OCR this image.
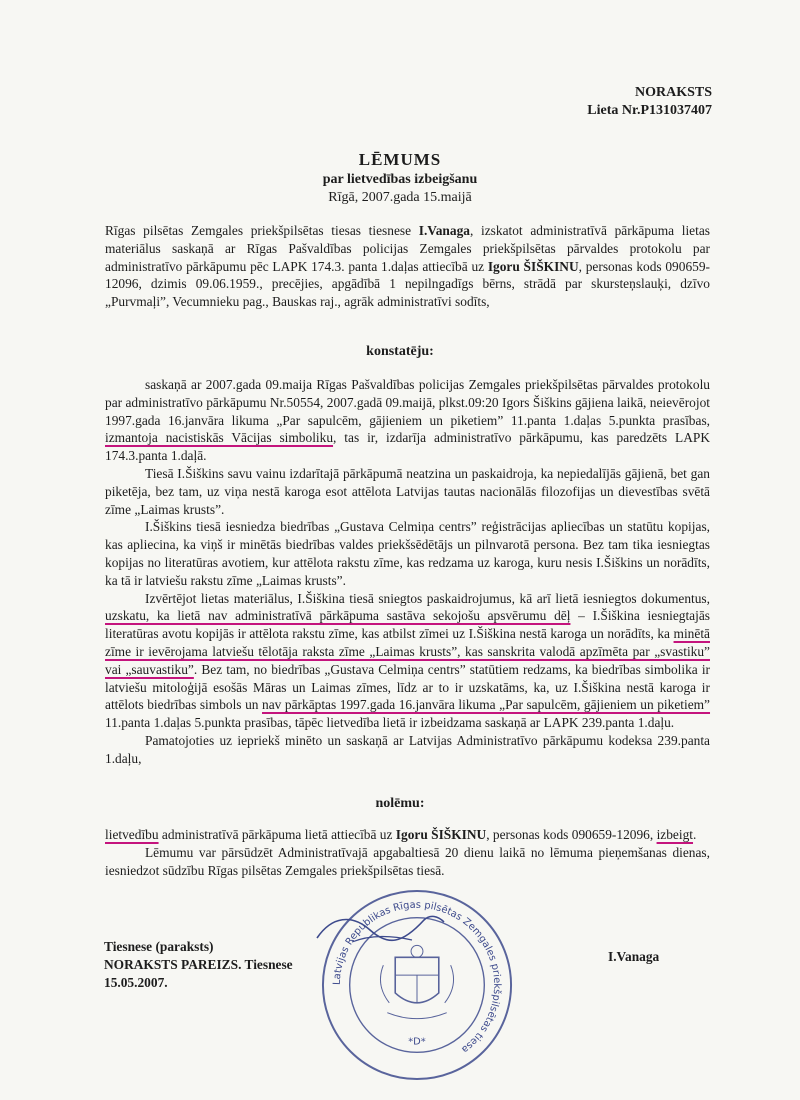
NORAKSTS
Lieta Nr.P131037407
LĒMUMS
par lietvedības izbeigšanu
Rīgā, 2007.gada 15.maijā

Rīgas pilsētas Zemgales priekšpilsētas tiesas tiesnese I.Vanaga, izskatot administratīvā pārkāpuma lietas materiālus saskaņā ar Rīgas Pašvaldības policijas Zemgales priekšpilsētas pārvaldes protokolu par administratīvo pārkāpumu pēc LAPK 174.3. panta 1.daļas attiecībā uz Igoru ŠIŠKINU, personas kods 090659-12096, dzimis 09.06.1959., precējies, apgādībā 1 nepilngadīgs bērns, strādā par skursteņslauķi, dzīvo „Purvmaļi”, Vecumnieku pag., Bauskas raj., agrāk administratīvi sodīts,

konstatēju:

saskaņā ar 2007.gada 09.maija Rīgas Pašvaldības policijas Zemgales priekšpilsētas pārvaldes protokolu par administratīvo pārkāpumu Nr.50554, 2007.gadā 09.maijā, plkst.09:20 Igors Šiškins gājiena laikā, neievērojot 1997.gada 16.janvāra likuma „Par sapulcēm, gājieniem un piketiem” 11.panta 1.daļas 5.punkta prasības, izmantoja nacistiskās Vācijas simboliku, tas ir, izdarīja administratīvo pārkāpumu, kas paredzēts LAPK 174.3.panta 1.daļā.

Tiesā I.Šiškins savu vainu izdarītajā pārkāpumā neatzina un paskaidroja, ka nepiedalījās gājienā, bet gan piketēja, bez tam, uz viņa nestā karoga esot attēlota Latvijas tautas nacionālās filozofijas un dievestības svētā zīme „Laimas krusts”.

I.Šiškins tiesā iesniedza biedrības „Gustava Celmiņa centrs” reģistrācijas apliecības un statūtu kopijas, kas apliecina, ka viņš ir minētās biedrības valdes priekšsēdētājs un pilnvarotā persona. Bez tam tika iesniegtas kopijas no literatūras avotiem, kur attēlota rakstu zīme, kas redzama uz karoga, kuru nesis I.Šiškins un norādīts, ka tā ir latviešu rakstu zīme „Laimas krusts”.

Izvērtējot lietas materiālus, I.Šiškina tiesā sniegtos paskaidrojumus, kā arī lietā iesniegtos dokumentus, uzskatu, ka lietā nav administratīvā pārkāpuma sastāva sekojošu apsvērumu dēļ – I.Šiškina iesniegtajās literatūras avotu kopijās ir attēlota rakstu zīme, kas atbilst zīmei uz I.Šiškina nestā karoga un norādīts, ka minētā zīme ir ievērojama latviešu tēlotāja raksta zīme „Laimas krusts”, kas sanskrita valodā apzīmēta par „svastiku” vai „sauvastiku”. Bez tam, no biedrības „Gustava Celmiņa centrs” statūtiem redzams, ka biedrības simbolika ir latviešu mitoloģijā esošās Māras un Laimas zīmes, līdz ar to ir uzskatāms, ka, uz I.Šiškina nestā karoga ir attēlots biedrības simbols un nav pārkāptas 1997.gada 16.janvāra likuma „Par sapulcēm, gājieniem un piketiem” 11.panta 1.daļas 5.punkta prasības, tāpēc lietvedība lietā ir izbeidzama saskaņā ar LAPK 239.panta 1.daļu.

Pamatojoties uz iepriekš minēto un saskaņā ar Latvijas Administratīvo pārkāpumu kodeksa 239.panta 1.daļu,

nolēmu:

lietvedību administratīvā pārkāpuma lietā attiecībā uz Igoru ŠIŠKINU, personas kods 090659-12096, izbeigt.

Lēmumu var pārsūdzēt Administratīvajā apgabaltiesā 20 dienu laikā no lēmuma pieņemšanas dienas, iesniedzot sūdzību Rīgas pilsētas Zemgales priekšpilsētas tiesā.

Tiesnese (paraksts)
NORAKSTS PAREIZS. Tiesnese
15.05.2007.
I.Vanaga
Latvijas Republikas Rīgas pilsētas Zemgales priekšpilsētas tiesa
*D*
